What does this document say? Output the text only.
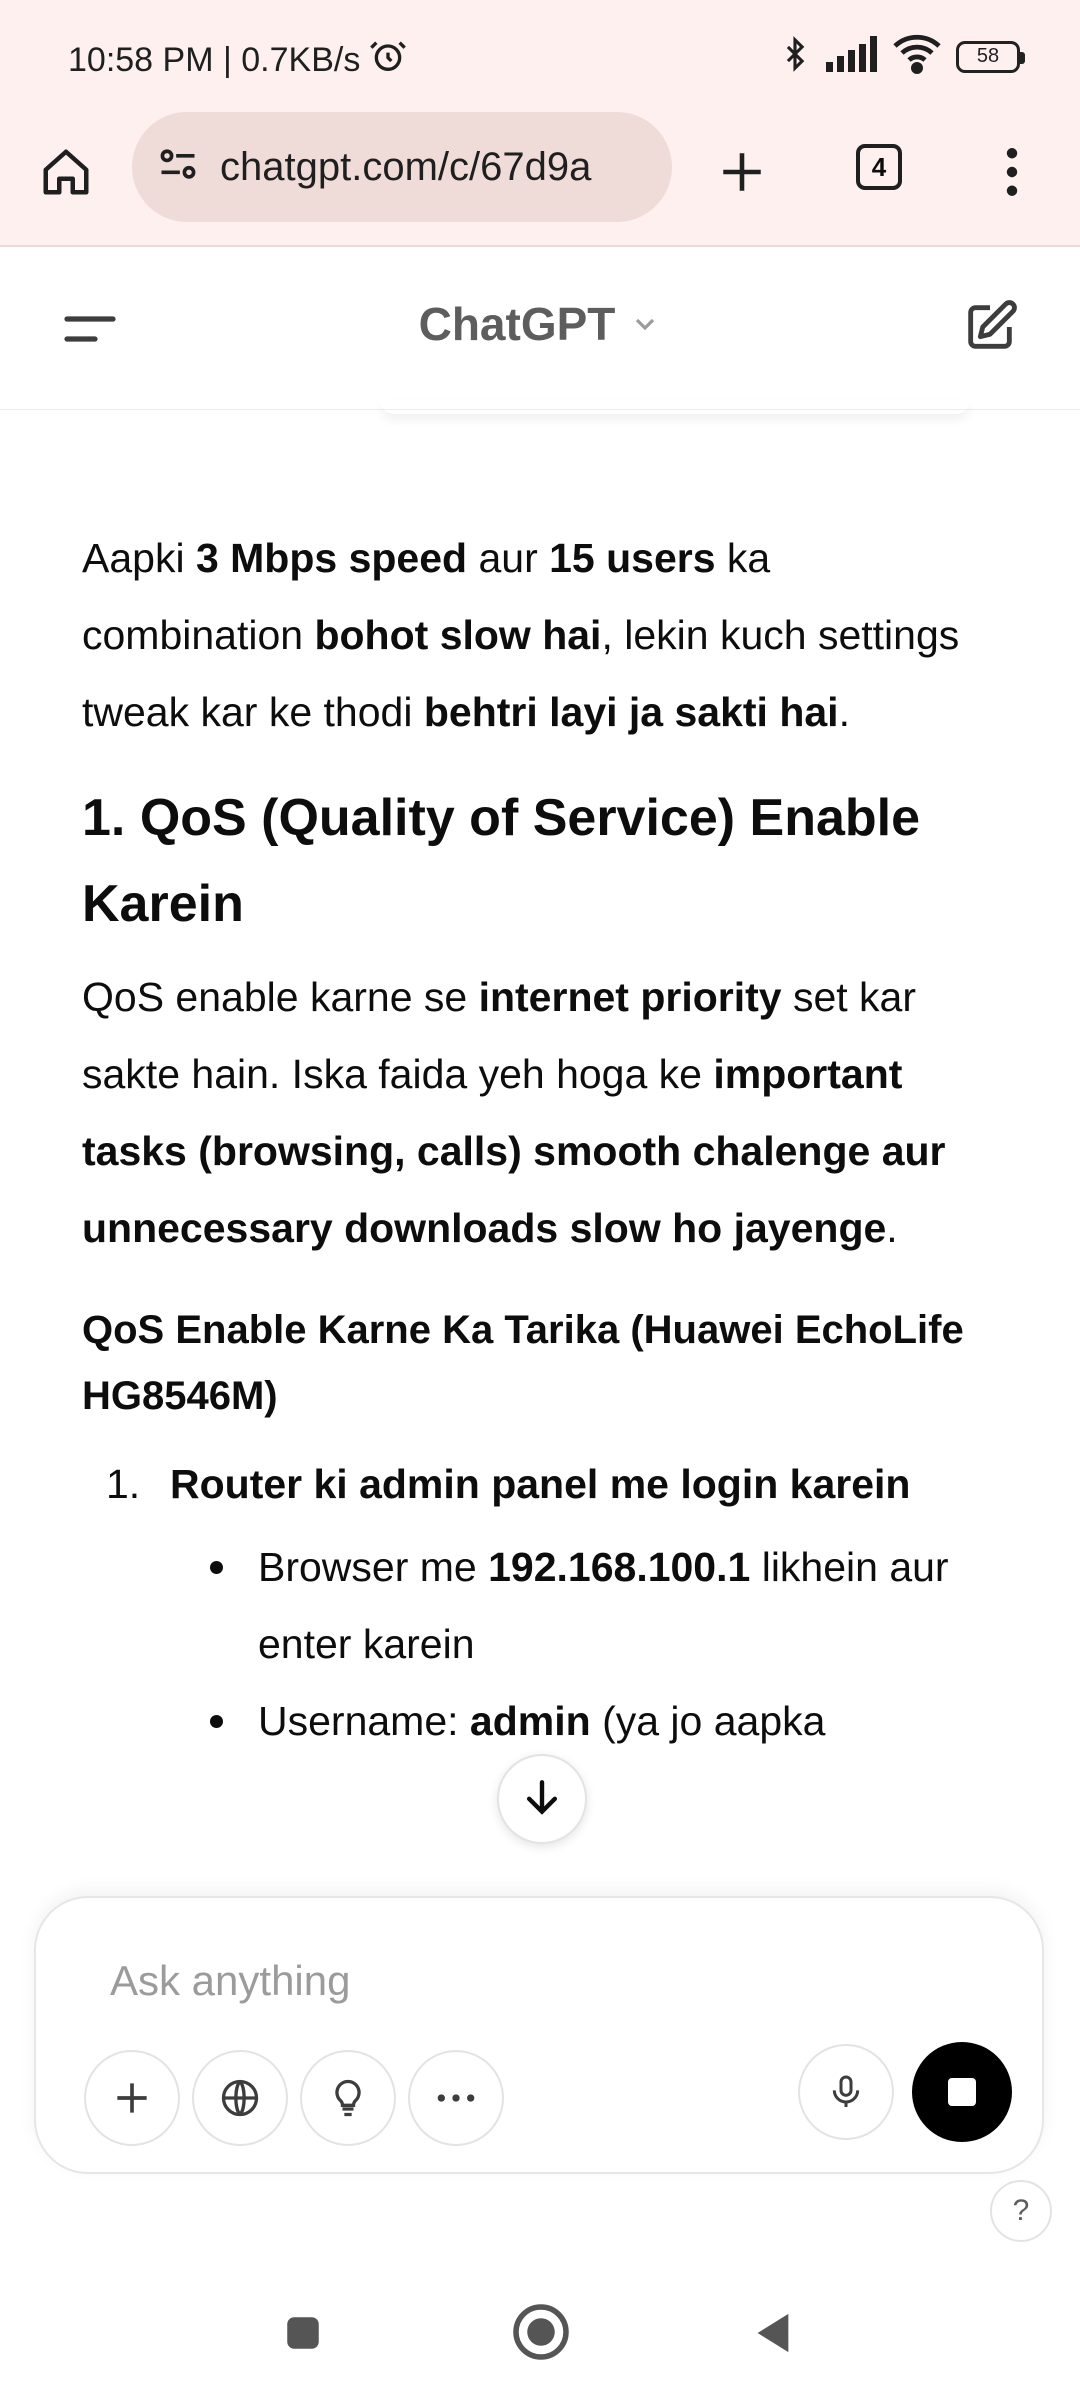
10:58 PM | 0.7KB/s	58
chatgpt.com/c/67d9a	4
ChatGPT

Aapki 3 Mbps speed aur 15 users ka combination bohot slow hai, lekin kuch settings tweak kar ke thodi behtri layi ja sakti hai.

1. QoS (Quality of Service) Enable Karein

QoS enable karne se internet priority set kar sakte hain. Iska faida yeh hoga ke important tasks (browsing, calls) smooth chalenge aur unnecessary downloads slow ho jayenge.

QoS Enable Karne Ka Tarika (Huawei EchoLife HG8546M)
1. Router ki admin panel me login karein

Browser me 192.168.100.1 likhein aur enter karein

Username: admin (ya jo aapka

Ask anything
?
